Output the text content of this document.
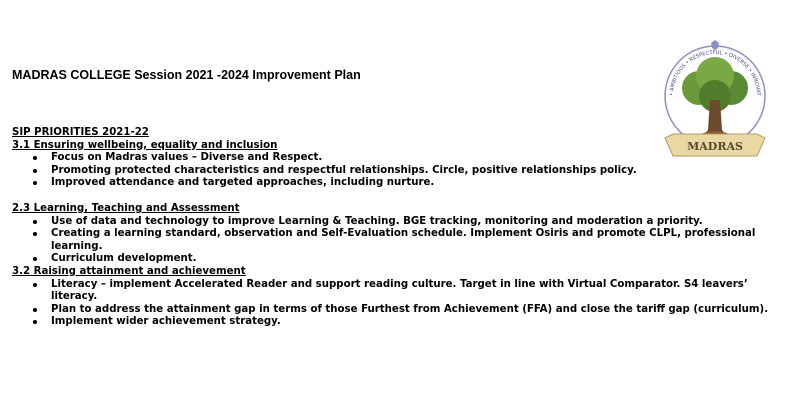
MADRAS COLLEGE Session 2021 -2024 Improvement Plan
• AMBITIOUS • RESPECTFUL • DIVERSE • INNOVAT
MADRAS
SIP PRIORITIES 2021-22
3.1 Ensuring wellbeing, equality and inclusion
Focus on Madras values – Diverse and Respect.
Promoting protected characteristics and respectful relationships. Circle, positive relationships policy.
Improved attendance and targeted approaches, including nurture.
2.3 Learning, Teaching and Assessment
Use of data and technology to improve Learning & Teaching. BGE tracking, monitoring and moderation a priority.
Creating a learning standard, observation and Self-Evaluation schedule. Implement Osiris and promote CLPL, professional learning.
Curriculum development.
3.2 Raising attainment and achievement
Literacy – implement Accelerated Reader and support reading culture. Target in line with Virtual Comparator. S4 leavers’ literacy.
Plan to address the attainment gap in terms of those Furthest from Achievement (FFA) and close the tariff gap (curriculum).
Implement wider achievement strategy.
